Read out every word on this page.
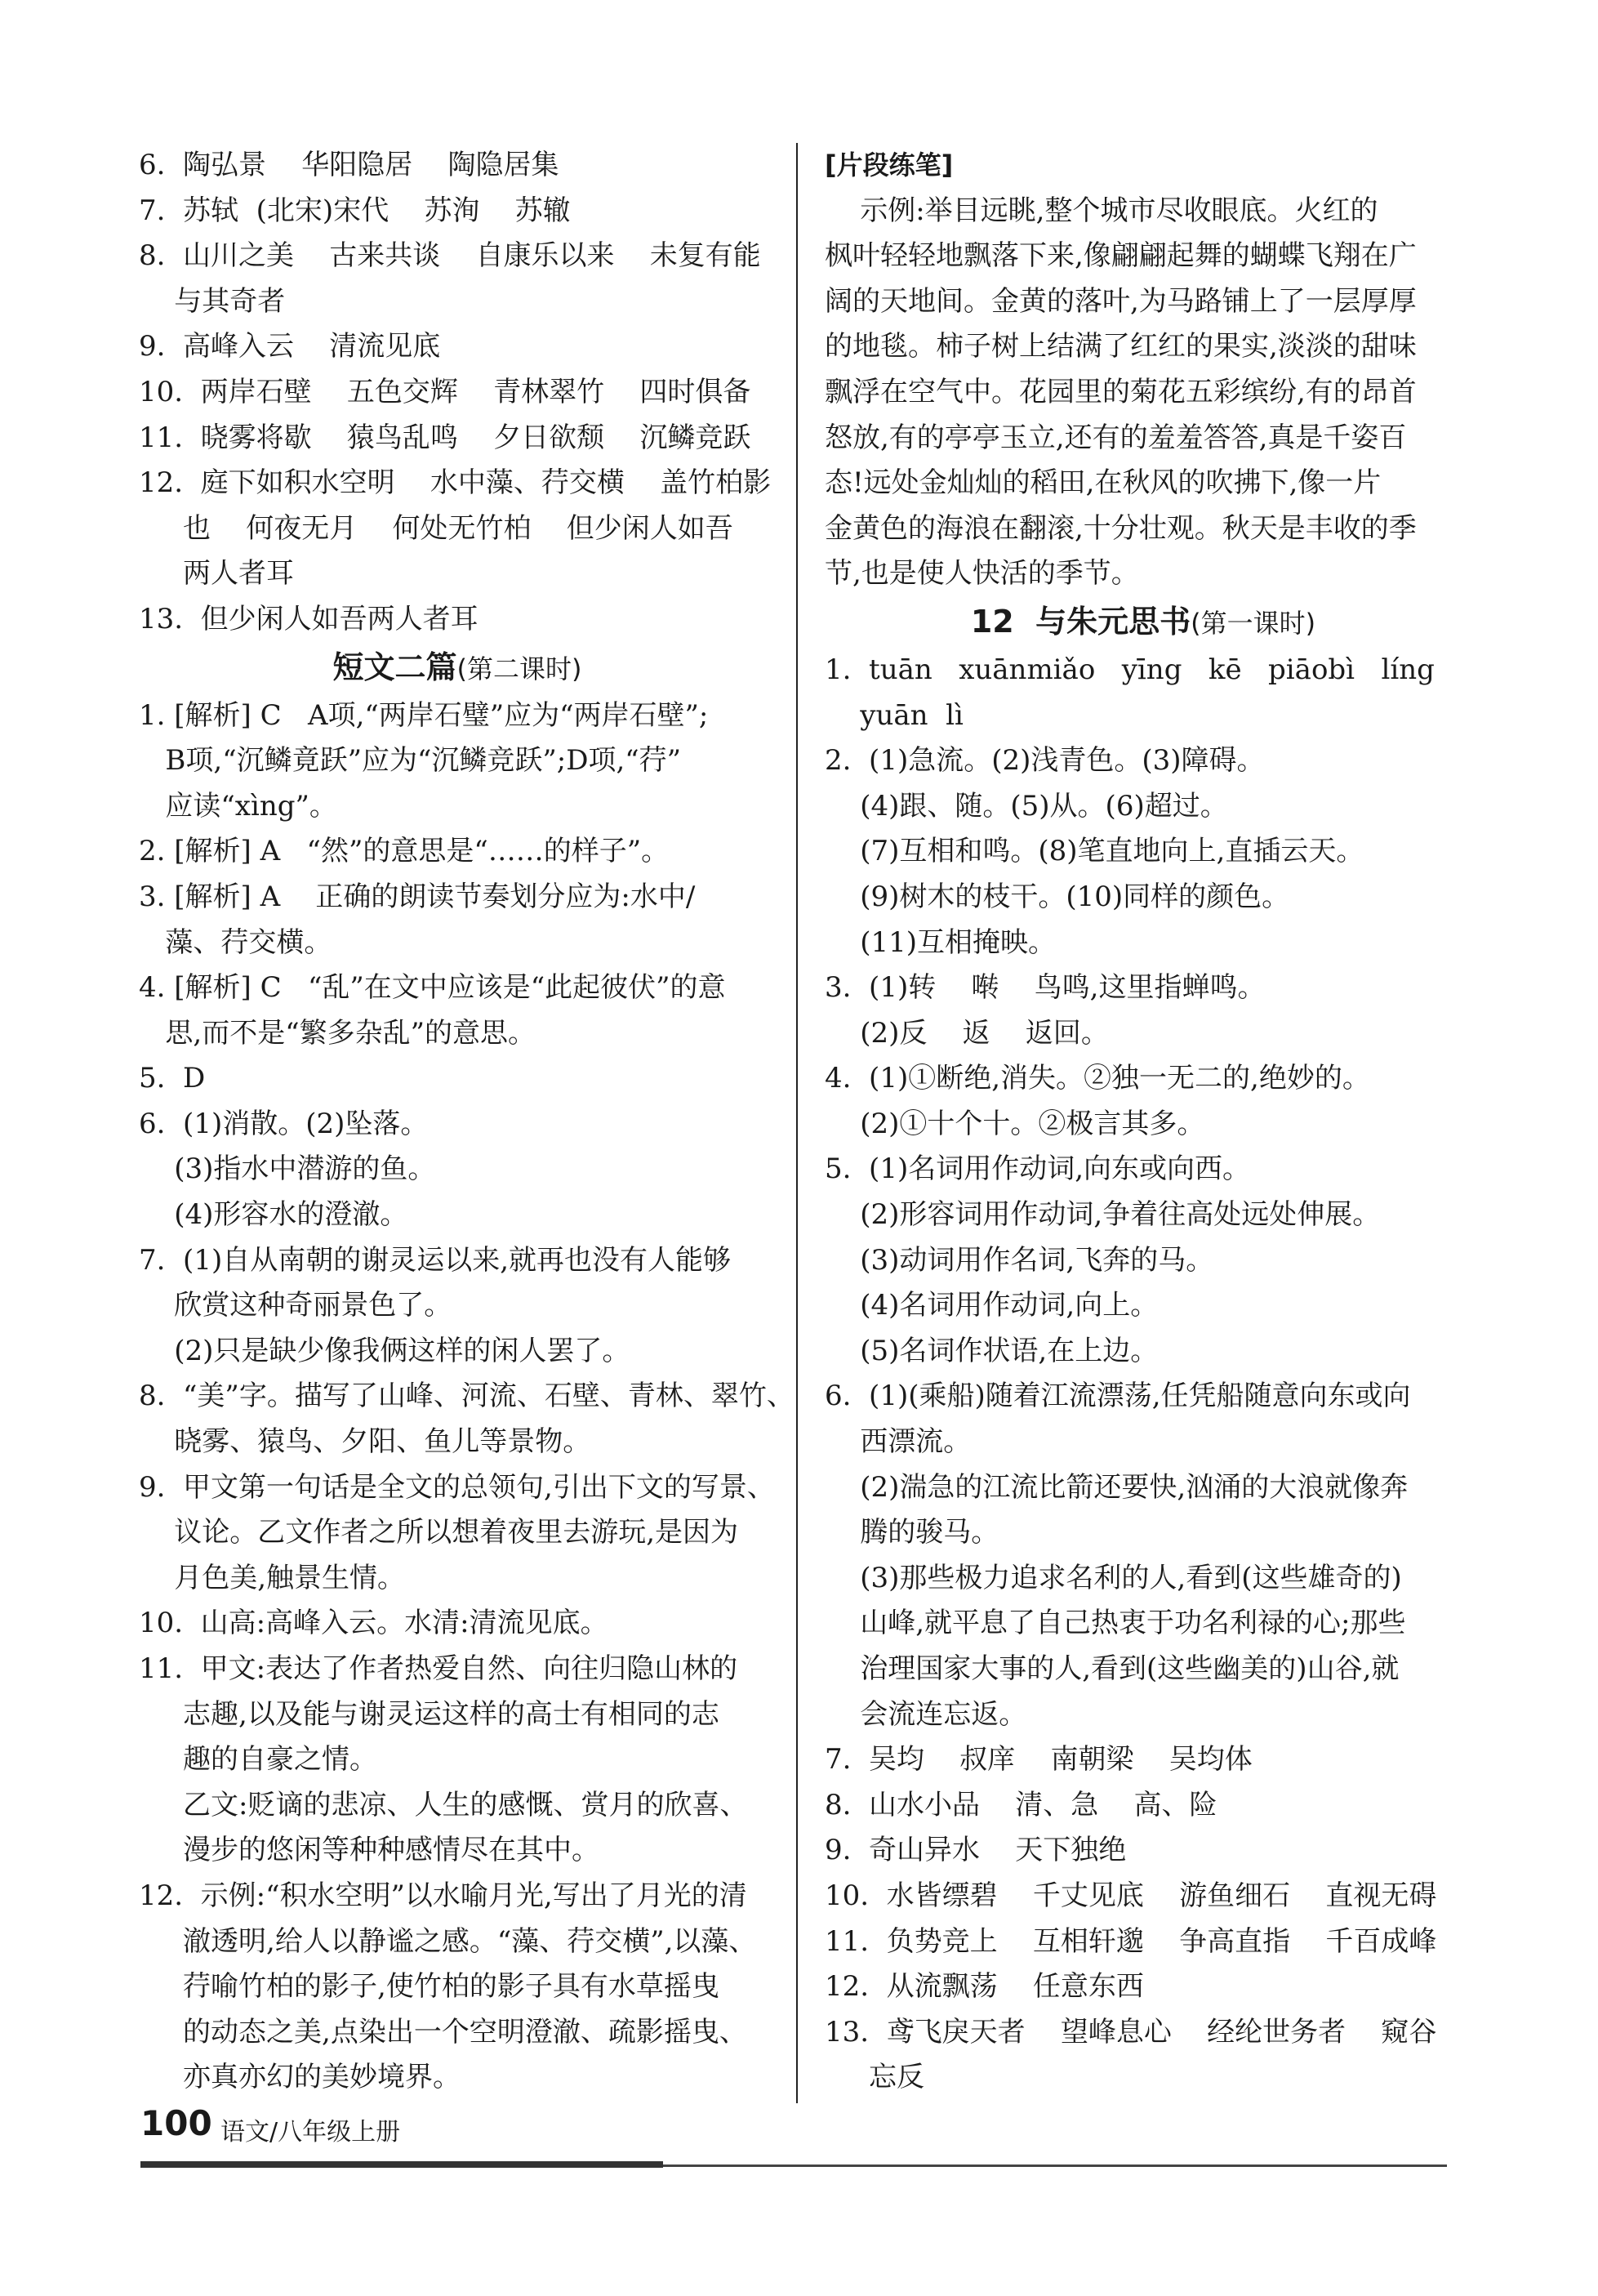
6.  陶弘景    华阳隐居    陶隐居集
7.  苏轼  (北宋)宋代    苏洵    苏辙
8.  山川之美    古来共谈    自康乐以来    未复有能
与其奇者
9.  高峰入云    清流见底
10.  两岸石壁    五色交辉    青林翠竹    四时俱备
11.  晓雾将歇    猿鸟乱鸣    夕日欲颓    沉鳞竞跃
12.  庭下如积水空明    水中藻、荇交横    盖竹柏影
也    何夜无月    何处无竹柏    但少闲人如吾
两人者耳
13.  但少闲人如吾两人者耳
短文二篇(第二课时)
1. [解析] C   A项,“两岸石璧”应为“两岸石壁”;
B项,“沉鳞竟跃”应为“沉鳞竞跃”;D项,“荇”
应读“xìng”。
2. [解析] A   “然”的意思是“……的样子”。
3. [解析] A    正确的朗读节奏划分应为:水中/
藻、荇交横。
4. [解析] C   “乱”在文中应该是“此起彼伏”的意
思,而不是“繁多杂乱”的意思。
5.  D
6.  (1)消散。(2)坠落。
(3)指水中潜游的鱼。
(4)形容水的澄澈。
7.  (1)自从南朝的谢灵运以来,就再也没有人能够
欣赏这种奇丽景色了。
(2)只是缺少像我俩这样的闲人罢了。
8.  “美”字。描写了山峰、河流、石壁、青林、翠竹、
晓雾、猿鸟、夕阳、鱼儿等景物。
9.  甲文第一句话是全文的总领句,引出下文的写景、
议论。乙文作者之所以想着夜里去游玩,是因为
月色美,触景生情。
10.  山高:高峰入云。水清:清流见底。
11.  甲文:表达了作者热爱自然、向往归隐山林的
志趣,以及能与谢灵运这样的高士有相同的志
趣的自豪之情。
乙文:贬谪的悲凉、人生的感慨、赏月的欣喜、
漫步的悠闲等种种感情尽在其中。
12.  示例:“积水空明”以水喻月光,写出了月光的清
澈透明,给人以静谧之感。“藻、荇交横”,以藻、
荇喻竹柏的影子,使竹柏的影子具有水草摇曳
的动态之美,点染出一个空明澄澈、疏影摇曳、
亦真亦幻的美妙境界。
[片段练笔]
示例:举目远眺,整个城市尽收眼底。火红的
枫叶轻轻地飘落下来,像翩翩起舞的蝴蝶飞翔在广
阔的天地间。金黄的落叶,为马路铺上了一层厚厚
的地毯。柿子树上结满了红红的果实,淡淡的甜味
飘浮在空气中。花园里的菊花五彩缤纷,有的昂首
怒放,有的亭亭玉立,还有的羞羞答答,真是千姿百
态!远处金灿灿的稻田,在秋风的吹拂下,像一片
金黄色的海浪在翻滚,十分壮观。秋天是丰收的季
节,也是使人快活的季节。
12  与朱元思书(第一课时)
1.  tuān   xuānmiǎo   yīng   kē   piāobì   líng
yuān  lì
2.  (1)急流。(2)浅青色。(3)障碍。
(4)跟、随。(5)从。(6)超过。
(7)互相和鸣。(8)笔直地向上,直插云天。
(9)树木的枝干。(10)同样的颜色。
(11)互相掩映。
3.  (1)转    啭    鸟鸣,这里指蝉鸣。
(2)反    返    返回。
4.  (1)①断绝,消失。②独一无二的,绝妙的。
(2)①十个十。②极言其多。
5.  (1)名词用作动词,向东或向西。
(2)形容词用作动词,争着往高处远处伸展。
(3)动词用作名词,飞奔的马。
(4)名词用作动词,向上。
(5)名词作状语,在上边。
6.  (1)(乘船)随着江流漂荡,任凭船随意向东或向
西漂流。
(2)湍急的江流比箭还要快,汹涌的大浪就像奔
腾的骏马。
(3)那些极力追求名利的人,看到(这些雄奇的)
山峰,就平息了自己热衷于功名利禄的心;那些
治理国家大事的人,看到(这些幽美的)山谷,就
会流连忘返。
7.  吴均    叔庠    南朝梁    吴均体
8.  山水小品    清、急    高、险
9.  奇山异水    天下独绝
10.  水皆缥碧    千丈见底    游鱼细石    直视无碍
11.  负势竞上    互相轩邈    争高直指    千百成峰
12.  从流飘荡    任意东西
13.  鸢飞戾天者    望峰息心    经纶世务者    窥谷
忘反
100 语文/八年级上册
